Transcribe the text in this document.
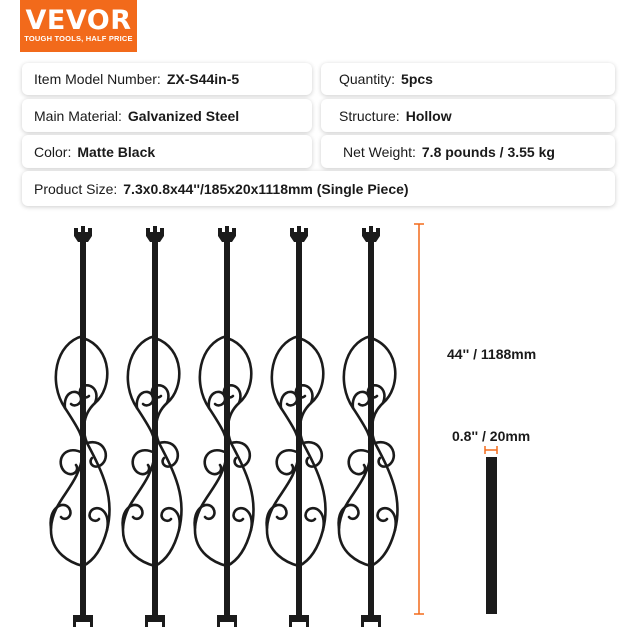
VEVOR
TOUGH TOOLS, HALF PRICE
Item Model Number: ZX-S44in-5	Quantity: 5pcs
Main Material: Galvanized Steel	Structure: Hollow
Color: Matte Black	Net Weight: 7.8 pounds / 3.55 kg
Product Size: 7.3x0.8x44''/185x20x1118mm (Single Piece)
44'' / 1188mm
0.8'' / 20mm
